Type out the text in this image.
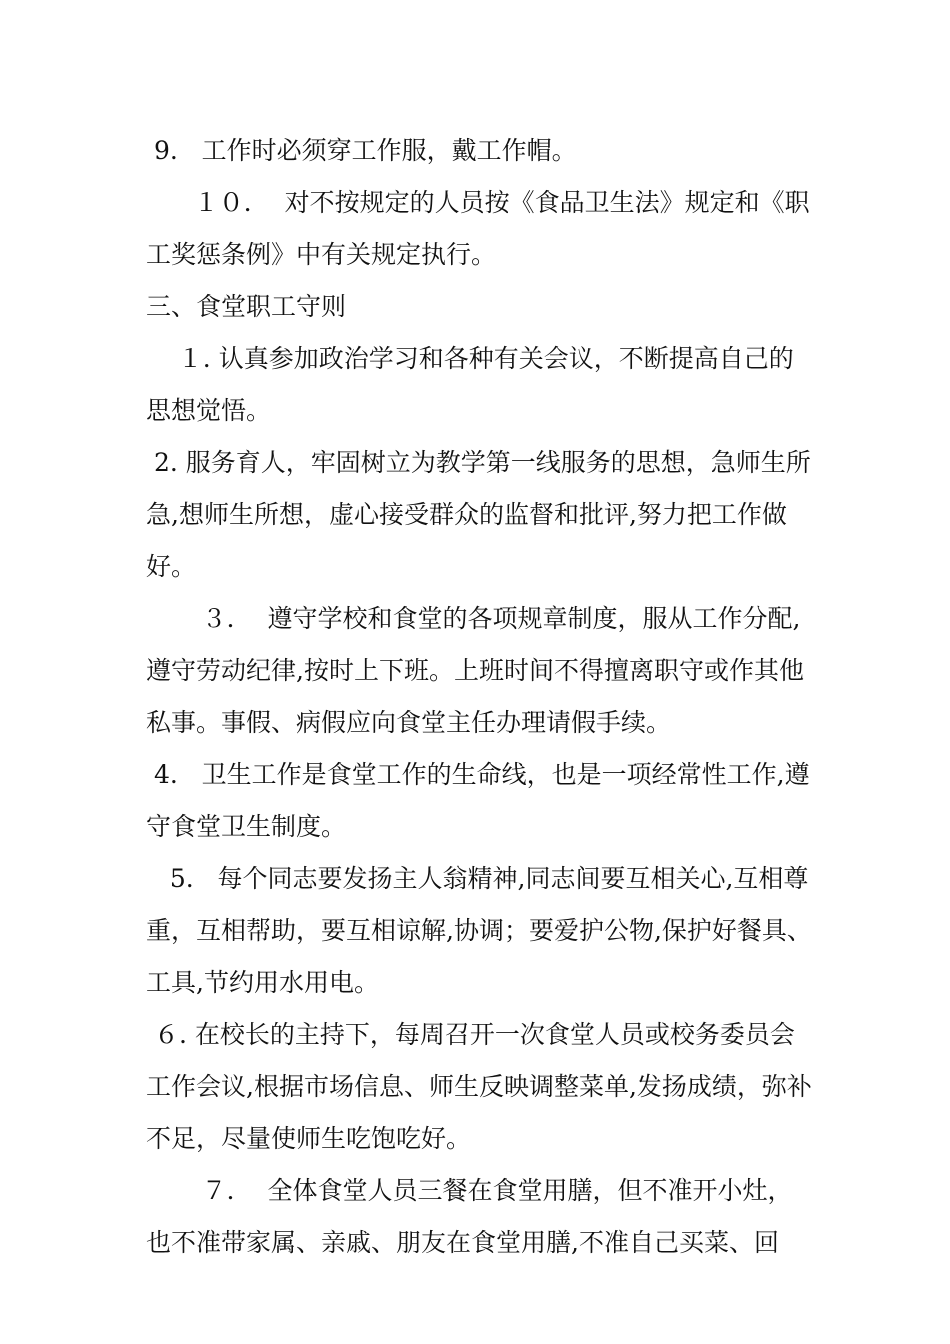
9.   工作时必须穿工作服，戴工作帽。

１０．  对不按规定的人员按《食品卫生法》规定和《职工奖惩条例》中有关规定执行。

三、食堂职工守则

１. 认真参加政治学习和各种有关会议，不断提高自己的思想觉悟。

2. 服务育人，牢固树立为教学第一线服务的思想，急师生所急,想师生所想，虚心接受群众的监督和批评,努力把工作做好。

３．  遵守学校和食堂的各项规章制度，服从工作分配,遵守劳动纪律,按时上下班。上班时间不得擅离职守或作其他私事。事假、病假应向食堂主任办理请假手续。

4.   卫生工作是食堂工作的生命线，也是一项经常性工作,遵守食堂卫生制度。

5.   每个同志要发扬主人翁精神,同志间要互相关心,互相尊重，互相帮助，要互相谅解,协调；要爱护公物,保护好餐具、工具,节约用水用电。

６. 在校长的主持下，每周召开一次食堂人员或校务委员会工作会议,根据市场信息、师生反映调整菜单,发扬成绩，弥补不足，尽量使师生吃饱吃好。

７．  全体食堂人员三餐在食堂用膳，但不准开小灶，也不准带家属、亲戚、朋友在食堂用膳,不准自己买菜、回
